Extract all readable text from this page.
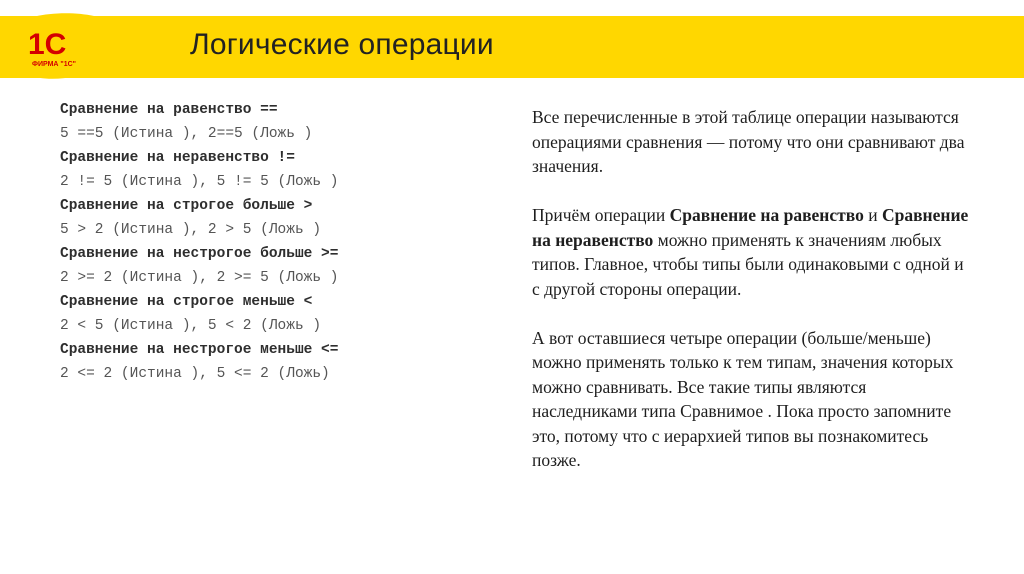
1С
ФИРМА "1С"
Логические операции
Сравнение на равенство ==
5 ==5 (Истина ), 2==5 (Ложь )
Сравнение на неравенство !=
2 != 5 (Истина ), 5 != 5 (Ложь )
Сравнение на строгое больше >
5 > 2 (Истина ), 2 > 5 (Ложь )
Сравнение на нестрогое больше >=
2 >= 2 (Истина ), 2 >= 5 (Ложь )
Сравнение на строгое меньше <
2 < 5 (Истина ), 5 < 2 (Ложь )
Сравнение на нестрогое меньше <=
2 <= 2 (Истина ), 5 <= 2 (Ложь)

Все перечисленные в этой таблице операции называются операциями сравнения — потому что они сравнивают два значения.

Причём операции Сравнение на равенство и Сравнение на неравенство можно применять к значениям любых типов. Главное, чтобы типы были одинаковыми с одной и с другой стороны операции.

А вот оставшиеся четыре операции (больше/меньше) можно применять только к тем типам, значения которых можно сравнивать. Все такие типы являются наследниками типа Сравнимое . Пока просто запомните это, потому что с иерархией типов вы познакомитесь позже.
